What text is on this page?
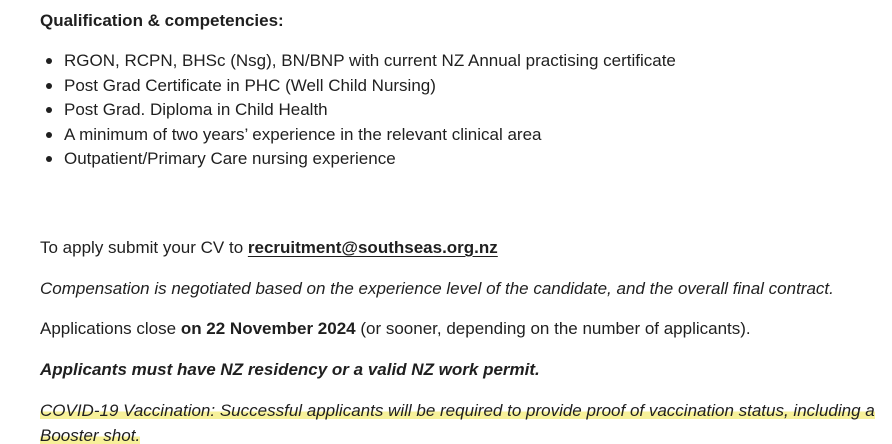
Qualification & competencies:
RGON, RCPN, BHSc (Nsg), BN/BNP with current NZ Annual practising certificate
Post Grad Certificate in PHC (Well Child Nursing)
Post Grad. Diploma in Child Health
A minimum of two years’ experience in the relevant clinical area
Outpatient/Primary Care nursing experience
To apply submit your CV to recruitment@southseas.org.nz
Compensation is negotiated based on the experience level of the candidate, and the overall final contract.
Applications close on 22 November 2024 (or sooner, depending on the number of applicants).
Applicants must have NZ residency or a valid NZ work permit.
COVID-19 Vaccination: Successful applicants will be required to provide proof of vaccination status, including a Booster shot.
